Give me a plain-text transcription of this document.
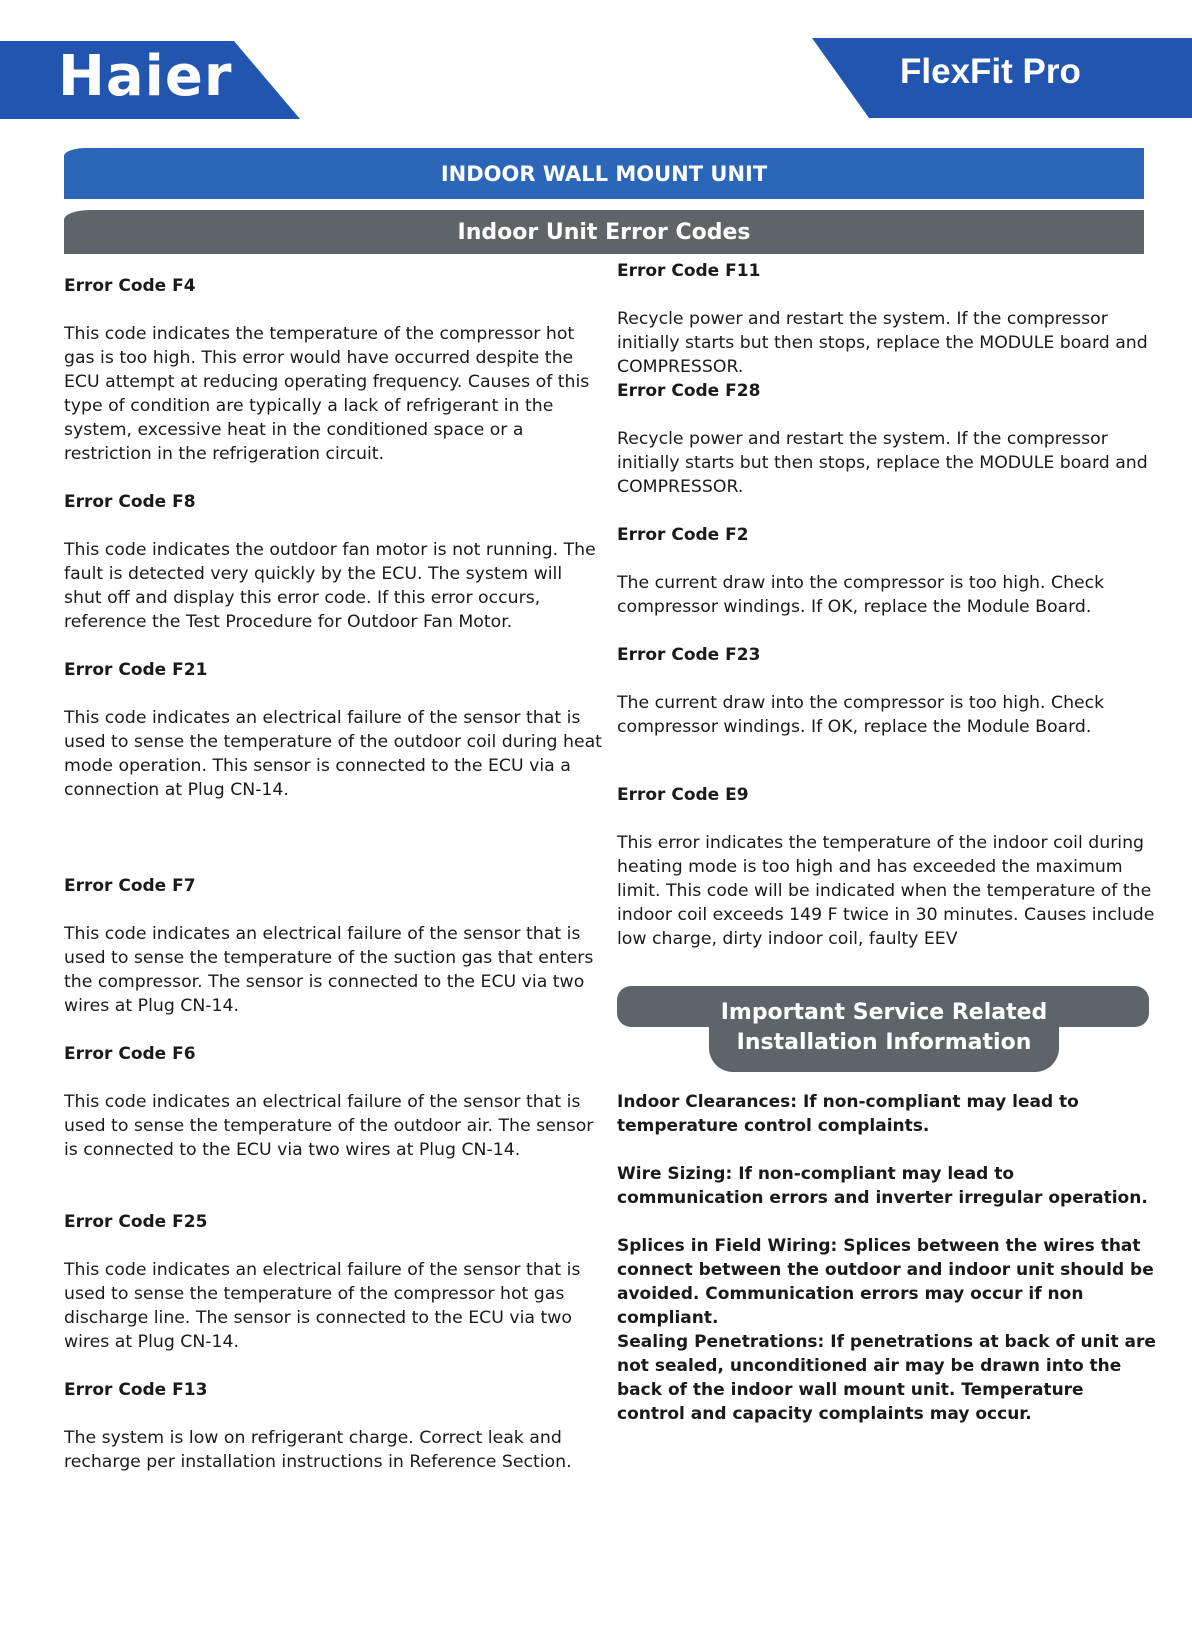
Haier	FlexFit Pro
INDOOR WALL MOUNT UNIT
Indoor Unit Error Codes
Error Code F4

This code indicates the temperature of the compressor hot gas is too high. This error would have occurred despite the ECU attempt at reducing operating frequency. Causes of this type of condition are typically a lack of refrigerant in the system, excessive heat in the conditioned space or a restriction in the refrigeration circuit.

Error Code F8

This code indicates the outdoor fan motor is not running. The fault is detected very quickly by the ECU. The system will shut off and display this error code. If this error occurs, reference the Test Procedure for Outdoor Fan Motor.

Error Code F21

This code indicates an electrical failure of the sensor that is used to sense the temperature of the outdoor coil during heat mode operation. This sensor is connected to the ECU via a connection at Plug CN-14.

Error Code F7

This code indicates an electrical failure of the sensor that is used to sense the temperature of the suction gas that enters the compressor. The sensor is connected to the ECU via two wires at Plug CN-14.

Error Code F6

This code indicates an electrical failure of the sensor that is used to sense the temperature of the outdoor air. The sensor is connected to the ECU via two wires at Plug CN-14.

Error Code F25

This code indicates an electrical failure of the sensor that is used to sense the temperature of the compressor hot gas discharge line. The sensor is connected to the ECU via two wires at Plug CN-14.

Error Code F13

The system is low on refrigerant charge. Correct leak and recharge per installation instructions in Reference Section.

Error Code F11

Recycle power and restart the system. If the compressor initially starts but then stops, replace the MODULE board and COMPRESSOR.

Error Code F28

Recycle power and restart the system. If the compressor initially starts but then stops, replace the MODULE board and COMPRESSOR.

Error Code F2

The current draw into the compressor is too high. Check compressor windings. If OK, replace the Module Board.

Error Code F23

The current draw into the compressor is too high. Check compressor windings. If OK, replace the Module Board.

Error Code E9

This error indicates the temperature of the indoor coil during heating mode is too high and has exceeded the maximum limit. This code will be indicated when the temperature of the indoor coil exceeds 149 F twice in 30 minutes. Causes include low charge, dirty indoor coil, faulty EEV

Important Service Related
Installation Information
Indoor Clearances: If non-compliant may lead to temperature control complaints.
Wire Sizing: If non-compliant may lead to communication errors and inverter irregular operation.
Splices in Field Wiring: Splices between the wires that connect between the outdoor and indoor unit should be avoided. Communication errors may occur if non compliant.
Sealing Penetrations: If penetrations at back of unit are not sealed, unconditioned air may be drawn into the back of the indoor wall mount unit. Temperature control and capacity complaints may occur.
